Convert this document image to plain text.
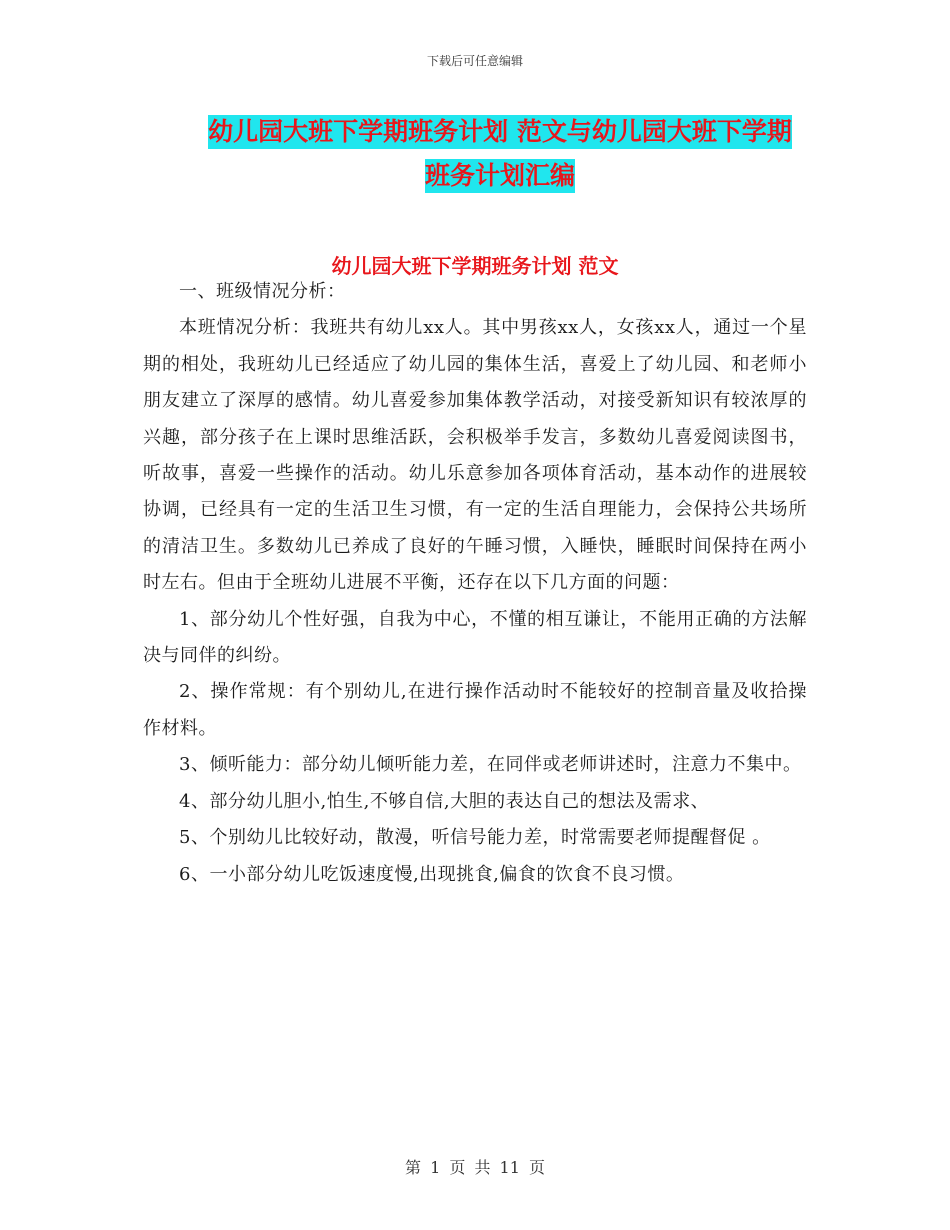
下载后可任意编辑
幼儿园大班下学期班务计划 范文与幼儿园大班下学期
班务计划汇编
幼儿园大班下学期班务计划 范文

一、班级情况分析：

本班情况分析：我班共有幼儿xx人。其中男孩xx人，女孩xx人，通过一个星期的相处，我班幼儿已经适应了幼儿园的集体生活，喜爱上了幼儿园、和老师小朋友建立了深厚的感情。幼儿喜爱参加集体教学活动，对接受新知识有较浓厚的兴趣，部分孩子在上课时思维活跃，会积极举手发言，多数幼儿喜爱阅读图书，听故事，喜爱一些操作的活动。幼儿乐意参加各项体育活动，基本动作的进展较协调，已经具有一定的生活卫生习惯，有一定的生活自理能力，会保持公共场所的清洁卫生。多数幼儿已养成了良好的午睡习惯，入睡快，睡眠时间保持在两小时左右。但由于全班幼儿进展不平衡，还存在以下几方面的问题：

1、部分幼儿个性好强，自我为中心，不懂的相互谦让，不能用正确的方法解决与同伴的纠纷。

2、操作常规：有个别幼儿,在进行操作活动时不能较好的控制音量及收拾操作材料。

3、倾听能力：部分幼儿倾听能力差，在同伴或老师讲述时，注意力不集中。

4、部分幼儿胆小,怕生,不够自信,大胆的表达自己的想法及需求、

5、个别幼儿比较好动，散漫，听信号能力差，时常需要老师提醒督促 。

6、一小部分幼儿吃饭速度慢,出现挑食,偏食的饮食不良习惯。

第 1 页 共 11 页
